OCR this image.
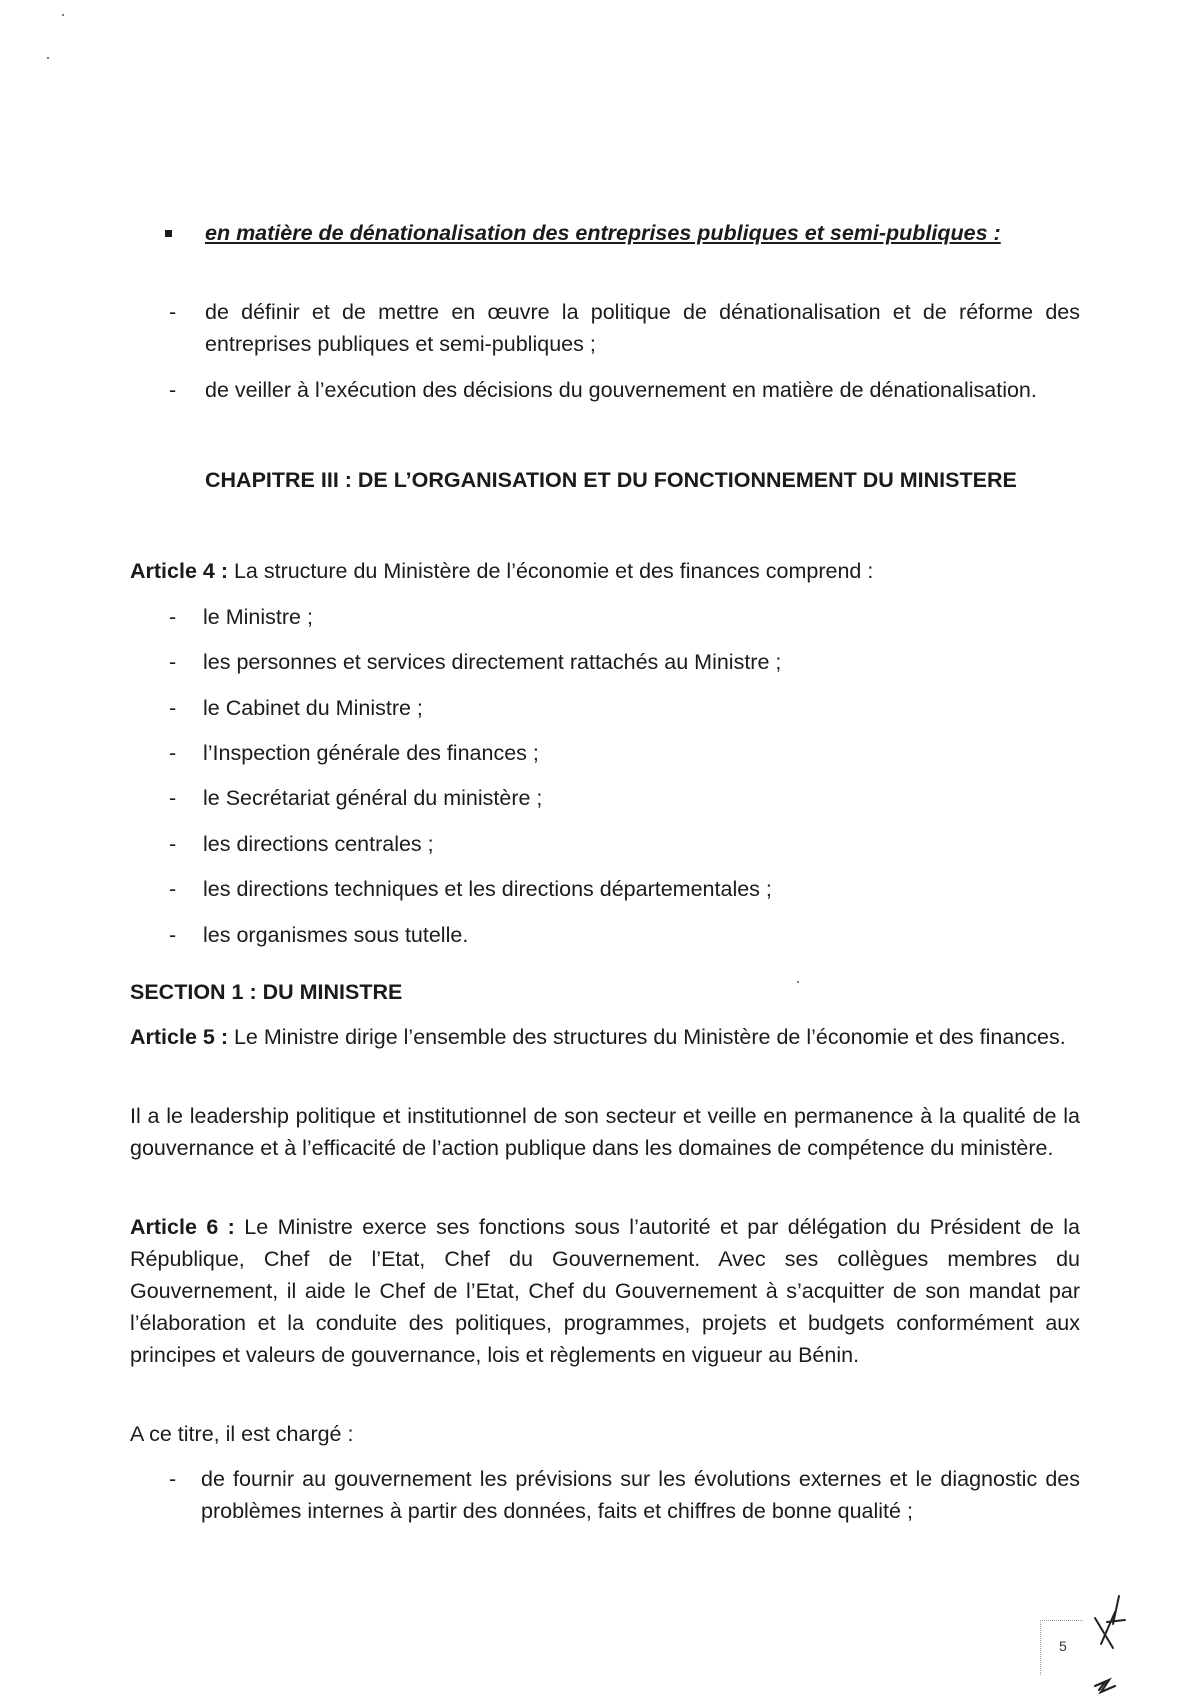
en matière de dénationalisation des entreprises publiques et semi-publiques :
- de définir et de mettre en œuvre la politique de dénationalisation et de réforme des entreprises publiques et semi-publiques ;
- de veiller à l’exécution des décisions du gouvernement en matière de dénationalisation.
CHAPITRE III : DE L’ORGANISATION ET DU FONCTIONNEMENT DU MINISTERE
Article 4 : La structure du Ministère de l’économie et des finances comprend :
- le Ministre ;
- les personnes et services directement rattachés au Ministre ;
- le Cabinet du Ministre ;
- l’Inspection générale des finances ;
- le Secrétariat général du ministère ;
- les directions centrales ;
- les directions techniques et les directions départementales ;
- les organismes sous tutelle.
SECTION 1 : DU MINISTRE
Article 5 : Le Ministre dirige l’ensemble des structures du Ministère de l’économie et des finances.
Il a le leadership politique et institutionnel de son secteur et veille en permanence à la qualité de la gouvernance et à l’efficacité de l’action publique dans les domaines de compétence du ministère.
Article 6 : Le Ministre exerce ses fonctions sous l’autorité et par délégation du Président de la République, Chef de l’Etat, Chef du Gouvernement. Avec ses collègues membres du Gouvernement, il aide le Chef de l’Etat, Chef du Gouvernement à s’acquitter de son mandat par l’élaboration et la conduite des politiques, programmes, projets et budgets conformément aux principes et valeurs de gouvernance, lois et règlements en vigueur au Bénin.
A ce titre, il est chargé :
- de fournir au gouvernement les prévisions sur les évolutions externes et le diagnostic des problèmes internes à partir des données, faits et chiffres de bonne qualité ;
5
